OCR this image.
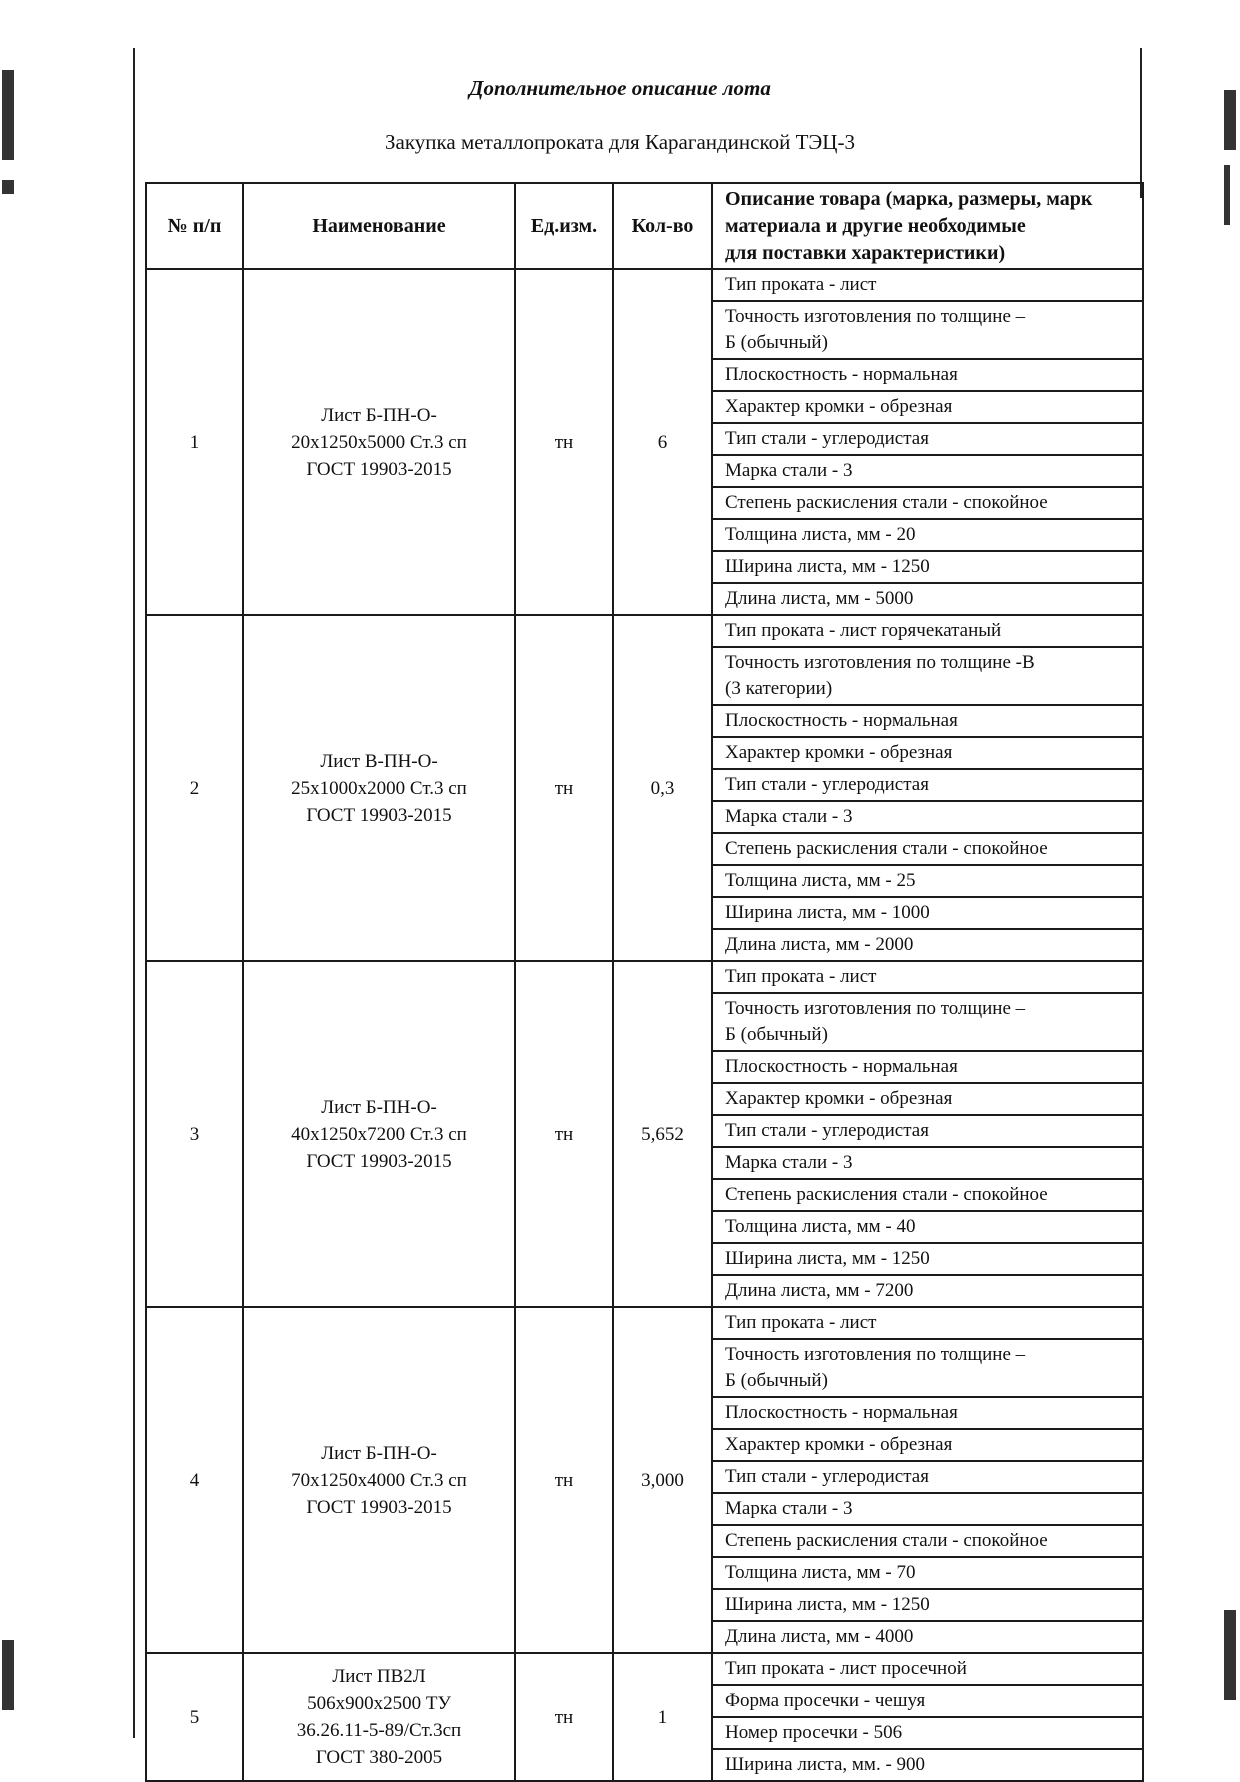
Дополнительное описание лота
Закупка металлопроката для Карагандинской ТЭЦ-3
№ п/п	Наименование	Ед.изм.	Кол-во	Описание товара (марка, размеры, марк
материала и другие необходимые
для поставки характеристики)

1	Лист Б-ПН-О-
20х1250х5000 Ст.3 сп
ГОСТ 19903-2015	тн	6	Тип проката - лист
				Точность изготовления по толщине –
Б (обычный)
				Плоскостность - нормальная
				Характер кромки - обрезная
				Тип стали - углеродистая
				Марка стали - 3
				Степень раскисления стали - спокойное
				Толщина листа, мм - 20
				Ширина листа, мм - 1250
				Длина листа, мм - 5000
2	Лист В-ПН-О-
25х1000х2000 Ст.3 сп
ГОСТ 19903-2015	тн	0,3	Тип проката - лист горячекатаный
				Точность изготовления по толщине -В
(3 категории)
				Плоскостность - нормальная
				Характер кромки - обрезная
				Тип стали - углеродистая
				Марка стали - 3
				Степень раскисления стали - спокойное
				Толщина листа, мм - 25
				Ширина листа, мм - 1000
				Длина листа, мм - 2000
3	Лист Б-ПН-О-
40х1250х7200 Ст.3 сп
ГОСТ 19903-2015	тн	5,652	Тип проката - лист
				Точность изготовления по толщине –
Б (обычный)
				Плоскостность - нормальная
				Характер кромки - обрезная
				Тип стали - углеродистая
				Марка стали - 3
				Степень раскисления стали - спокойное
				Толщина листа, мм - 40
				Ширина листа, мм - 1250
				Длина листа, мм - 7200
4	Лист Б-ПН-О-
70х1250х4000 Ст.3 сп
ГОСТ 19903-2015	тн	3,000	Тип проката - лист
				Точность изготовления по толщине –
Б (обычный)
				Плоскостность - нормальная
				Характер кромки - обрезная
				Тип стали - углеродистая
				Марка стали - 3
				Степень раскисления стали - спокойное
				Толщина листа, мм - 70
				Ширина листа, мм - 1250
				Длина листа, мм - 4000
5	Лист ПВ2Л
506х900х2500 ТУ
36.26.11-5-89/Ст.3сп
ГОСТ 380-2005	тн	1	Тип проката - лист просечной
				Форма просечки - чешуя
				Номер просечки - 506
				Ширина листа, мм. - 900
